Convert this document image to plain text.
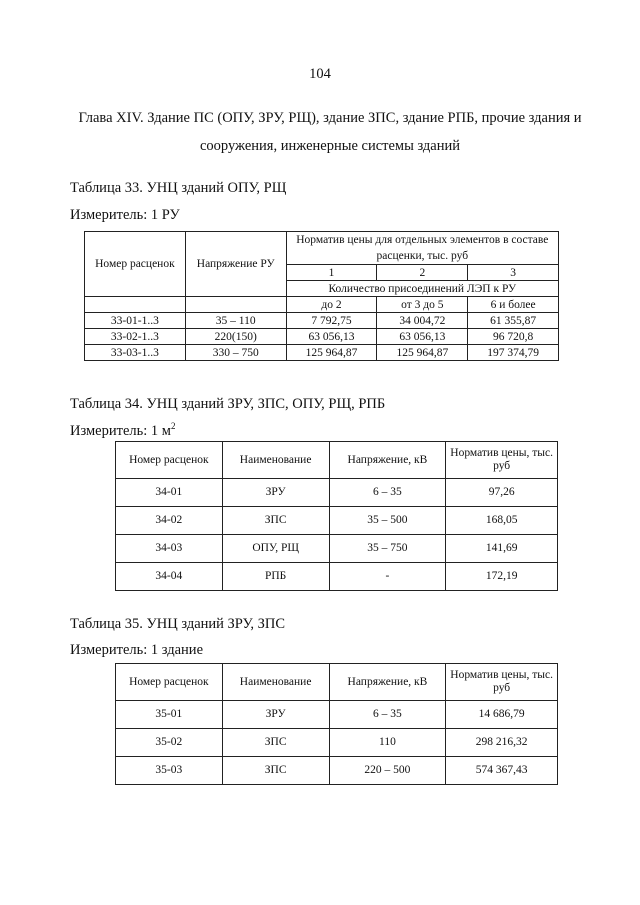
104
Глава XIV. Здание ПС (ОПУ, ЗРУ, РЩ), здание ЗПС, здание РПБ, прочие здания и
сооружения, инженерные системы зданий
Таблица 33. УНЦ зданий ОПУ, РЩ
Измеритель: 1 РУ
Номер расценок	Напряжение РУ	Норматив цены для отдельных элементов в составе расценки, тыс. руб		
		1	2	3
		Количество присоединений ЛЭП к РУ		
		до 2	от 3 до 5	6 и более
33-01-1..3	35 – 110	7 792,75	34 004,72	61 355,87
33-02-1..3	220(150)	63 056,13	63 056,13	96 720,8
33-03-1..3	330 – 750	125 964,87	125 964,87	197 374,79
Таблица 34. УНЦ зданий ЗРУ, ЗПС, ОПУ, РЩ, РПБ
Измеритель: 1 $м^2$
Номер расценок	Наименование	Напряжение, кВ	Норматив цены, тыс. руб
34-01	ЗРУ	6 – 35	97,26
34-02	ЗПС	35 – 500	168,05
34-03	ОПУ, РЩ	35 – 750	141,69
34-04	РПБ	-	172,19
Таблица 35. УНЦ зданий ЗРУ, ЗПС
Измеритель: 1 здание
Номер расценок	Наименование	Напряжение, кВ	Норматив цены, тыс. руб
35-01	ЗРУ	6 – 35	14 686,79
35-02	ЗПС	110	298 216,32
35-03	ЗПС	220 – 500	574 367,43
